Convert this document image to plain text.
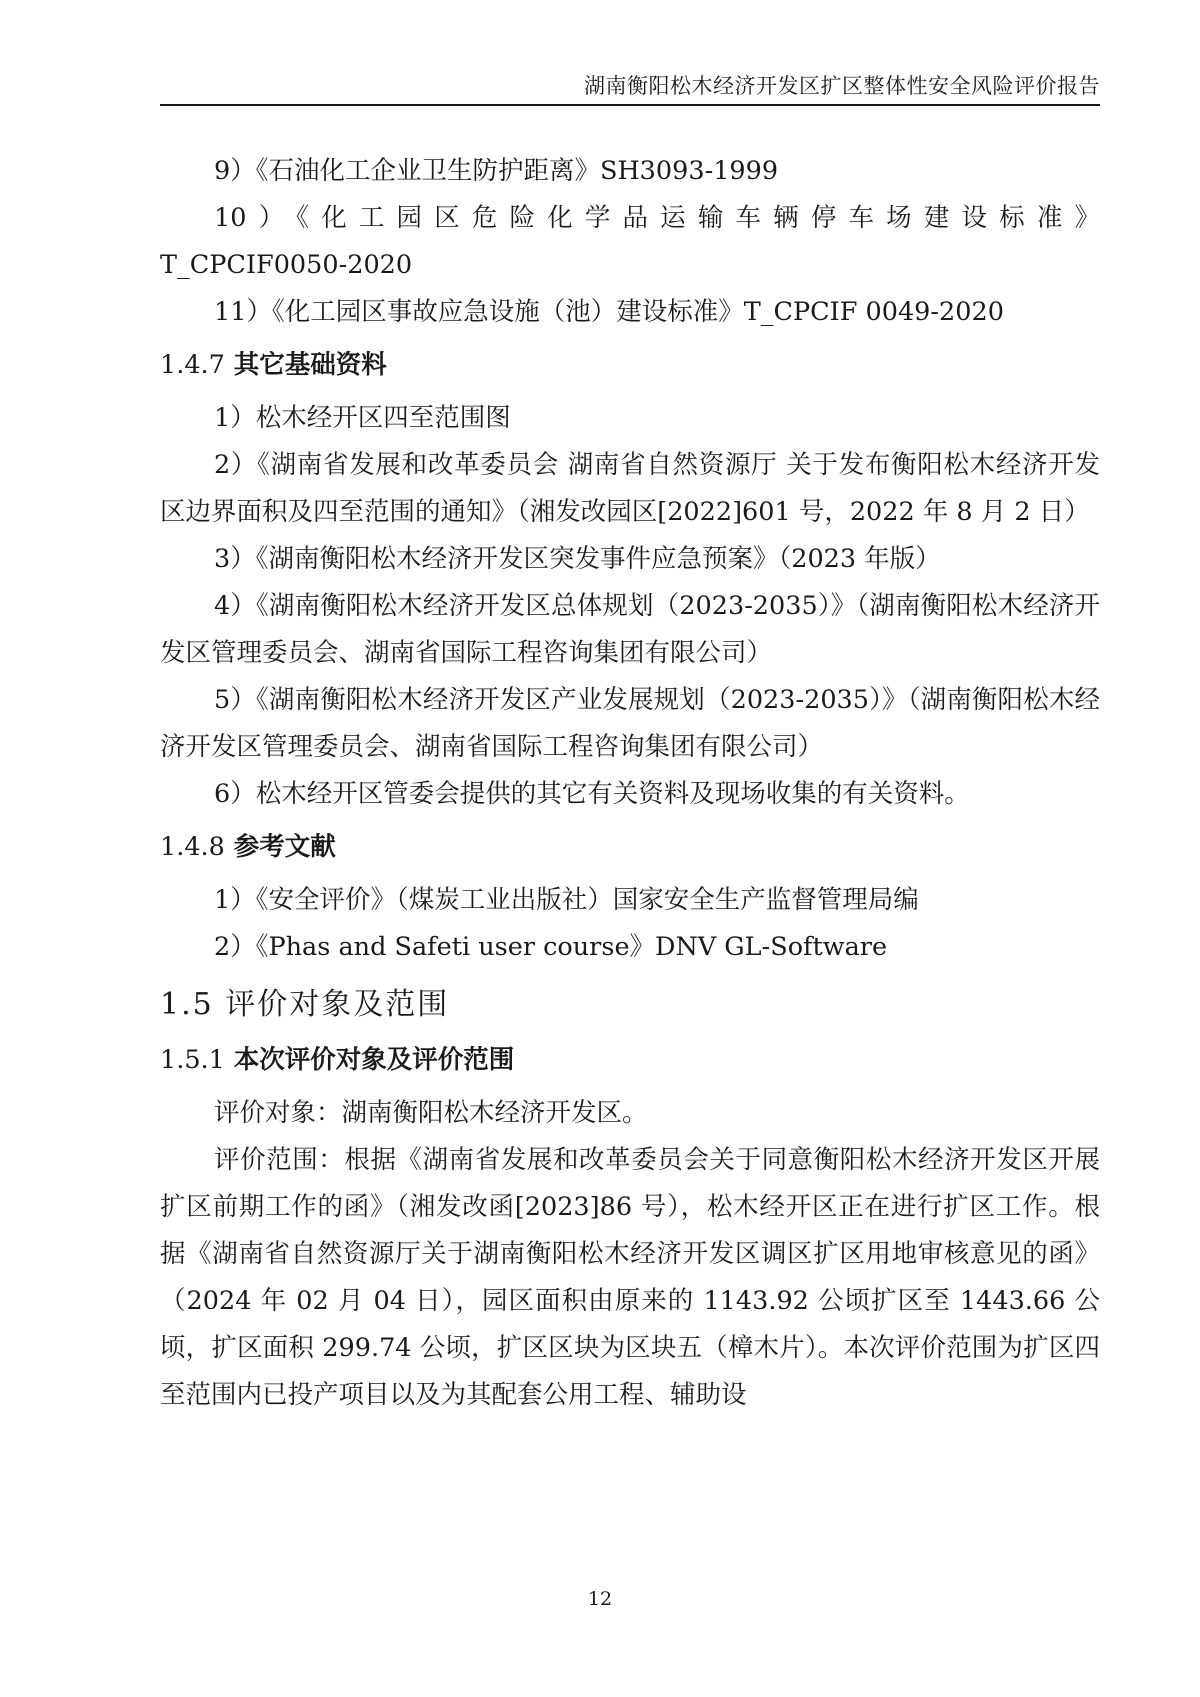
湖南衡阳松木经济开发区扩区整体性安全风险评价报告

9）《石油化工企业卫生防护距离》SH3093-1999

10）《化工园区危险化学品运输车辆停车场建设标准》

T_CPCIF0050-2020

11）《化工园区事故应急设施（池）建设标准》T_CPCIF 0049-2020

1.4.7 其它基础资料

1）松木经开区四至范围图

2）《湖南省发展和改革委员会 湖南省自然资源厅 关于发布衡阳松木经济开发区边界面积及四至范围的通知》（湘发改园区[2022]601 号，2022 年 8 月 2 日）

3）《湖南衡阳松木经济开发区突发事件应急预案》（2023 年版）

4）《湖南衡阳松木经济开发区总体规划（2023-2035）》（湖南衡阳松木经济开发区管理委员会、湖南省国际工程咨询集团有限公司）

5）《湖南衡阳松木经济开发区产业发展规划（2023-2035）》（湖南衡阳松木经济开发区管理委员会、湖南省国际工程咨询集团有限公司）

6）松木经开区管委会提供的其它有关资料及现场收集的有关资料。

1.4.8 参考文献

1）《安全评价》（煤炭工业出版社）国家安全生产监督管理局编

2）《Phas and Safeti user course》DNV GL-Software

1.5 评价对象及范围
1.5.1 本次评价对象及评价范围

评价对象：湖南衡阳松木经济开发区。

评价范围：根据《湖南省发展和改革委员会关于同意衡阳松木经济开发区开展扩区前期工作的函》（湘发改函[2023]86 号），松木经开区正在进行扩区工作。根据《湖南省自然资源厅关于湖南衡阳松木经济开发区调区扩区用地审核意见的函》（2024 年 02 月 04 日），园区面积由原来的 1143.92 公顷扩区至 1443.66 公顷，扩区面积 299.74 公顷，扩区区块为区块五（樟木片）。本次评价范围为扩区四至范围内已投产项目以及为其配套公用工程、辅助设

12
